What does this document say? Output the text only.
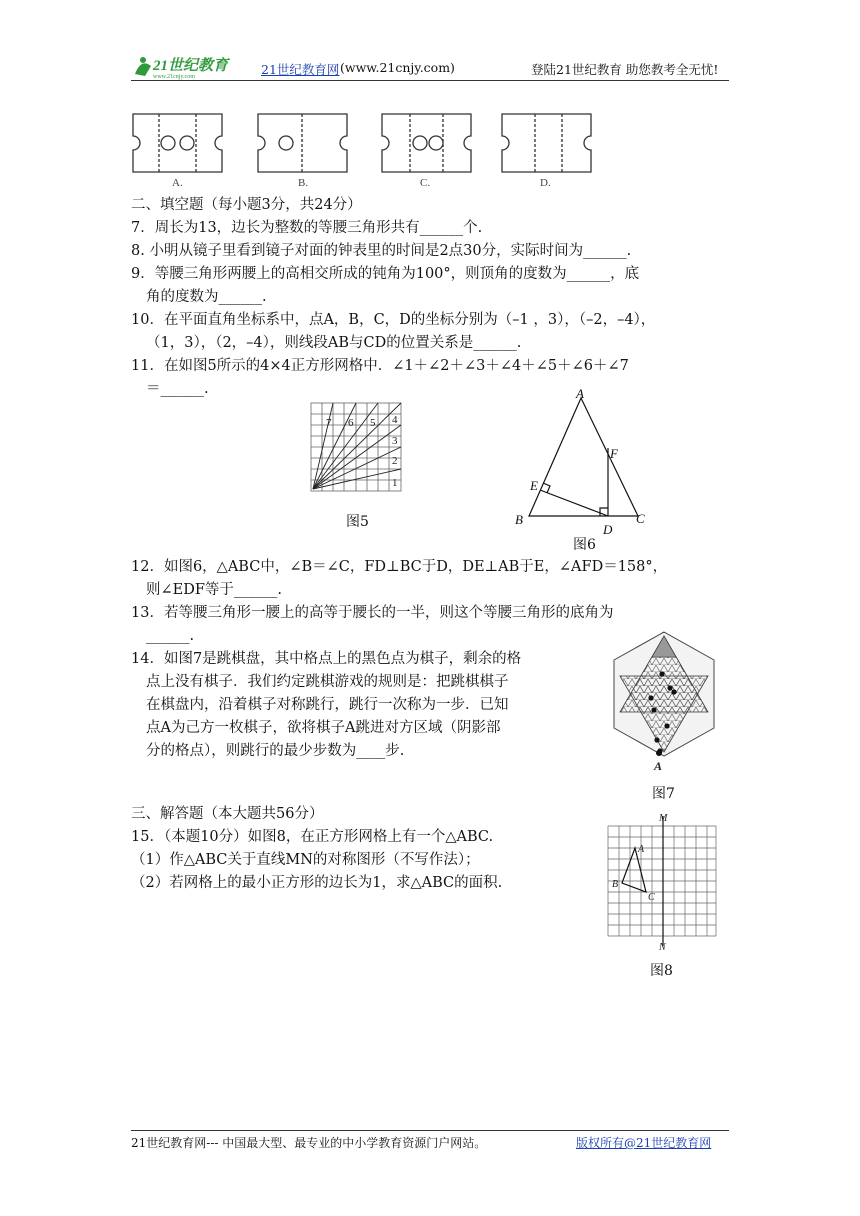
21世纪教育
www.21cnjy.com	21世纪教育网 (www.21cnjy.com)	登陆21世纪教育 助您教考全无忧!
A.	B.	C.	D.
二、填空题（每小题3分，共24分）
7．周长为13，边长为整数的等腰三角形共有______个.
8. 小明从镜子里看到镜子对面的钟表里的时间是2点30分，实际时间为______.
9．等腰三角形两腰上的高相交所成的钝角为100°，则顶角的度数为______，底
角的度数为______.
10．在平面直角坐标系中，点A，B，C，D的坐标分别为（–1 ，3），（–2，–4），
（1，3），（2，–4），则线段AB与CD的位置关系是______.
11．在如图5所示的4×4正方形网格中．∠1＋∠2＋∠3＋∠4＋∠5＋∠6＋∠7
＝______.
7 6 5 4
3
2
1
图5
A
B	C
D
E
F
图6
12．如图6，△ABC中，∠B＝∠C，FD⊥BC于D，DE⊥AB于E，∠AFD＝158°，
则∠EDF等于______.
13．若等腰三角形一腰上的高等于腰长的一半，则这个等腰三角形的底角为
______.
14．如图7是跳棋盘，其中格点上的黑色点为棋子，剩余的格
点上没有棋子．我们约定跳棋游戏的规则是：把跳棋棋子
在棋盘内，沿着棋子对称跳行，跳行一次称为一步．已知
点A为己方一枚棋子，欲将棋子A跳进对方区域（阴影部
分的格点），则跳行的最少步数为____步.
A
图7
三、解答题（本大题共56分）
15．（本题10分）如图8，在正方形网格上有一个△ABC.
（1）作△ABC关于直线MN的对称图形（不写作法）；
（2）若网格上的最小正方形的边长为1，求△ABC的面积.
M
N
A
B
C
图8
21世纪教育网--- 中国最大型、最专业的中小学教育资源门户网站。	版权所有@21世纪教育网
